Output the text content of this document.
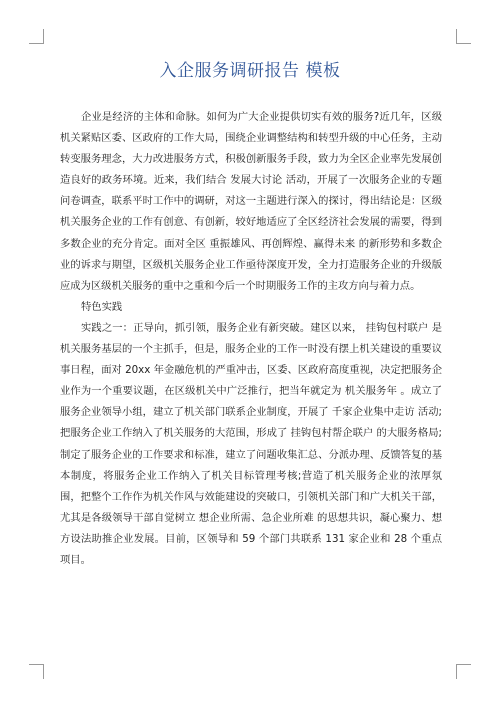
入企服务调研报告 模板

企业是经济的主体和命脉。如何为广大企业提供切实有效的服务?近几年，区级机关紧贴区委、区政府的工作大局，围绕企业调整结构和转型升级的中心任务，主动转变服务理念，大力改进服务方式，积极创新服务手段，致力为全区企业率先发展创造良好的政务环境。近来，我们结合 发展大讨论 活动，开展了一次服务企业的专题问卷调查，联系平时工作中的调研，对这一主题进行深入的探讨，得出结论是：区级机关服务企业的工作有创意、有创新，较好地适应了全区经济社会发展的需要，得到多数企业的充分肯定。面对全区 重振雄风、再创辉煌、赢得未来 的新形势和多数企业的诉求与期望，区级机关服务企业工作亟待深度开发，全力打造服务企业的升级版应成为区级机关服务的重中之重和今后一个时期服务工作的主攻方向与着力点。

特色实践

实践之一：正导向，抓引领，服务企业有新突破。建区以来， 挂钩包村联户 是机关服务基层的一个主抓手，但是，服务企业的工作一时没有摆上机关建设的重要议事日程，面对 20xx 年金融危机的严重冲击，区委、区政府高度重视，决定把服务企业作为一个重要议题，在区级机关中广泛推行，把当年就定为 机关服务年 。成立了服务企业领导小组，建立了机关部门联系企业制度，开展了 千家企业集中走访 活动;把服务企业工作纳入了机关服务的大范围，形成了 挂钩包村帮企联户 的大服务格局;制定了服务企业的工作要求和标准，建立了问题收集汇总、分派办理、反馈答复的基本制度，将服务企业工作纳入了机关目标管理考核;营造了机关服务企业的浓厚氛围，把整个工作作为机关作风与效能建设的突破口，引领机关部门和广大机关干部，尤其是各级领导干部自觉树立 想企业所需、急企业所难 的思想共识，凝心聚力、想方设法助推企业发展。目前，区领导和 59 个部门共联系 131 家企业和 28 个重点项目。
